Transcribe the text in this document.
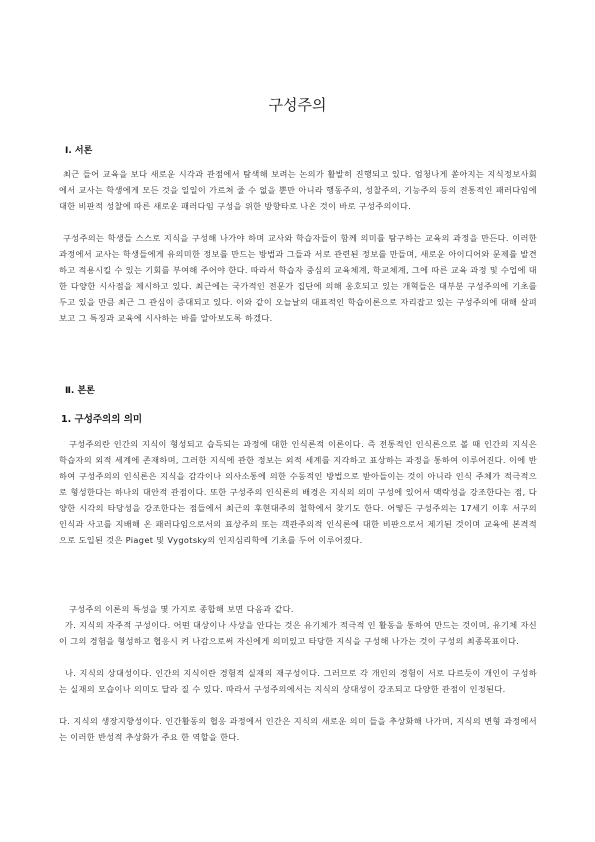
구성주의
Ⅰ. 서론

최근 들어 교육을 보다 새로운 시각과 관점에서 탐색해 보려는 논의가 활발히 진행되고 있다. 엄청나게 쏟아지는 지식정보사회에서 교사는 학생에게 모든 것을 일일이 가르쳐 줄 수 없을 뿐만 아니라 행동주의, 성찰주의, 기능주의 등의 전통적인 패러다임에 대한 비판적 성찰에 따른 새로운 패러다임 구성을 위한 방향타로 나온 것이 바로 구성주의이다.

구성주의는 학생들 스스로 지식을 구성해 나가야 하며 교사와 학습자들이 함께 의미를 탐구하는 교육의 과정을 만든다. 이러한 과정에서 교사는 학생들에게 유의미한 정보를 만드는 방법과 그들과 서로 관련된 정보를 만들며, 새로운 아이디어와 문제를 발견하고 적용시킬 수 있는 기회를 부여해 주어야 한다. 따라서 학습자 중심의 교육체계, 학교체계, 그에 따른 교육 과정 및 수업에 대한 다양한 시사점을 제시하고 있다. 최근에는 국가적인 전문가 집단에 의해 옹호되고 있는 개혁들은 대부분 구성주의에 기초를 두고 있을 만큼 최근 그 관심이 증대되고 있다. 이와 같이 오늘날의 대표적인 학습이론으로 자리잡고 있는 구성주의에 대해 살펴보고 그 특징과 교육에 시사하는 바를 알아보도록 하겠다.

Ⅱ. 본론
1. 구성주의의 의미

구성주의란 인간의 지식이 형성되고 습득되는 과정에 대한 인식론적 이론이다. 즉 전통적인 인식론으로 볼 때 인간의 지식은 학습자의 외적 세계에 존재하며, 그러한 지식에 관한 정보는 외적 세계를 지각하고 표상하는 과정을 통하여 이루어진다. 이에 반하여 구성주의의 인식론은 지식을 감각이나 의사소통에 의한 수동적인 방법으로 받아들이는 것이 아니라 인식 주체가 적극적으로 형성한다는 하나의 대안적 관점이다. 또한 구성주의 인식론의 배경은 지식의 의미 구성에 있어서 맥락성을 강조한다는 점, 다양한 시각의 타당성을 강조한다는 점들에서 최근의 후현대주의 철학에서 찾기도 한다. 어떻든 구성주의는 17세기 이후 서구의 인식과 사고를 지배해 온 패러다임으로서의 표상주의 또는 객관주의적 인식론에 대한 비판으로서 제기된 것이며 교육에 본격적으로 도입된 것은 Piaget 및 Vygotsky의 인지심리학에 기초를 두어 이루어졌다.

구성주의 이론의 특성을 몇 가지로 종합해 보면 다음과 같다.

가. 지식의 자주적 구성이다. 어떤 대상이나 사상을 안다는 것은 유기체가 적극적 인 활동을 통하여 만드는 것이며, 유기체 자신이 그의 경험을 형성하고 협응시 켜 나감으로써 자신에게 의미있고 타당한 지식을 구성해 나가는 것이 구성의 최종목표이다.

나. 지식의 상대성이다. 인간의 지식이란 경험적 실재의 재구성이다. 그러므로 각 개인의 경험이 서로 다르듯이 개인이 구성하는 실재의 모습이나 의미도 달라 질 수 있다. 따라서 구성주의에서는 지식의 상대성이 강조되고 다양한 관점이 인정된다.

다. 지식의 생장지향성이다. 인간활동의 협응 과정에서 인간은 지식의 새로운 의미 들을 추상화해 나가며, 지식의 변형 과정에서는 이러한 반성적 추상화가 주요 한 역할을 한다.
